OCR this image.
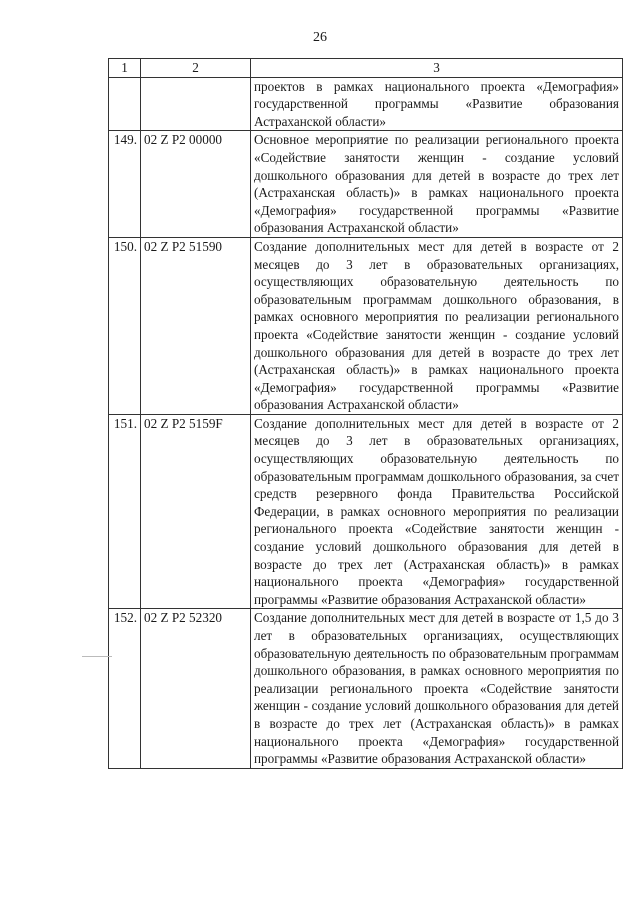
26
1	2	3
		проектов в рамках национального проекта «Демография» государственной программы «Развитие образования Астраханской области»
149.	02 Z P2 00000	Основное мероприятие по реализации регионального проекта «Содействие занятости женщин - создание условий дошкольного образования для детей в возрасте до трех лет (Астраханская область)» в рамках национального проекта «Демография» государственной программы «Развитие образования Астраханской области»
150.	02 Z P2 51590	Создание дополнительных мест для детей в возрасте от 2 месяцев до 3 лет в образовательных организациях, осуществляющих образовательную деятельность по образовательным программам дошкольного образования, в рамках основного мероприятия по реализации регионального проекта «Содействие занятости женщин - создание условий дошкольного образования для детей в возрасте до трех лет (Астраханская область)» в рамках национального проекта «Демография» государственной программы «Развитие образования Астраханской области»
151.	02 Z P2 5159F	Создание дополнительных мест для детей в возрасте от 2 месяцев до 3 лет в образовательных организациях, осуществляющих образовательную деятельность по образовательным программам дошкольного образования, за счет средств резервного фонда Правительства Российской Федерации, в рамках основного мероприятия по реализации регионального проекта «Содействие занятости женщин - создание условий дошкольного образования для детей в возрасте до трех лет (Астраханская область)» в рамках национального проекта «Демография» государственной программы «Развитие образования Астраханской области»
152.	02 Z P2 52320	Создание дополнительных мест для детей в возрасте от 1,5 до 3 лет в образовательных организациях, осуществляющих образовательную деятельность по образовательным программам дошкольного образования, в рамках основного мероприятия по реализации регионального проекта «Содействие занятости женщин - создание условий дошкольного образования для детей в возрасте до трех лет (Астраханская область)» в рамках национального проекта «Демография» государственной программы «Развитие образования Астраханской области»
